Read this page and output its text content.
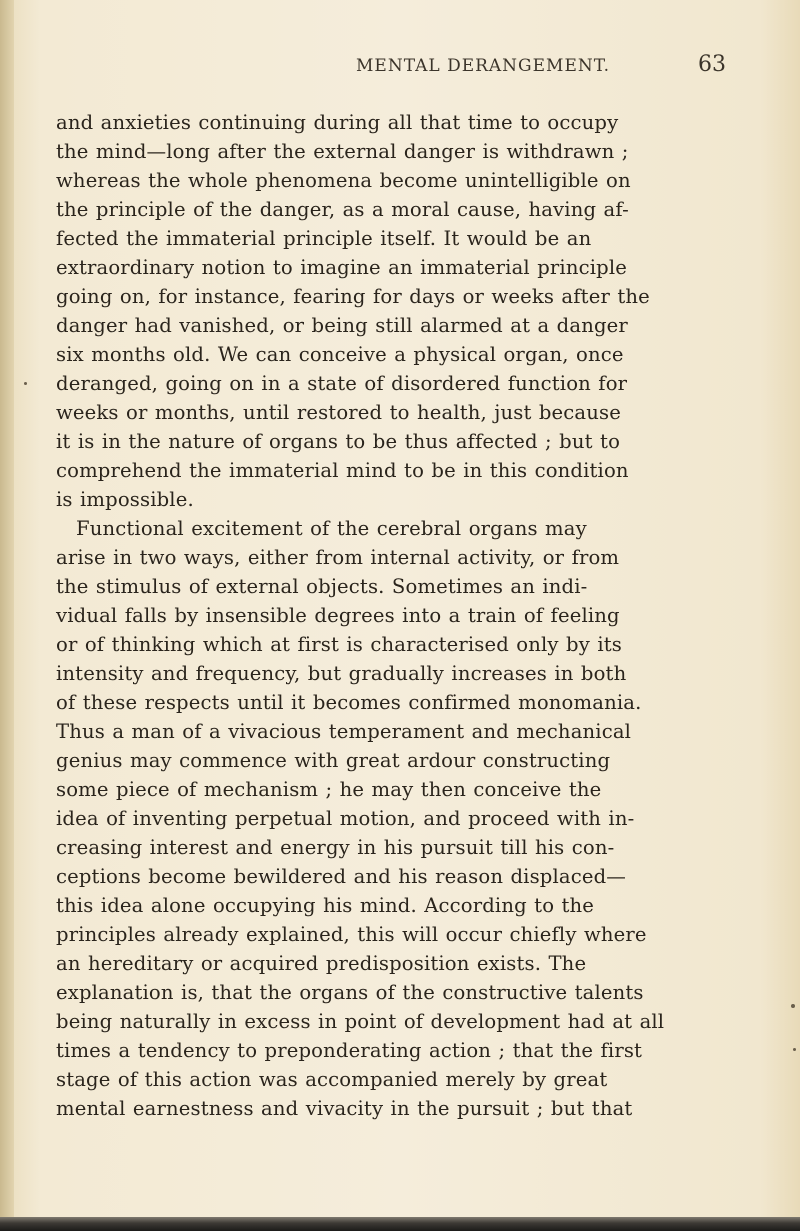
MENTAL DERANGEMENT.	63
and anxieties continuing during all that time to occupy
the mind—long after the external danger is withdrawn ;
whereas the whole phenomena become unintelligible on
the principle of the danger, as a moral cause, having af-
fected the immaterial principle itself. It would be an
extraordinary notion to imagine an immaterial principle
going on, for instance, fearing for days or weeks after the
danger had vanished, or being still alarmed at a danger
six months old. We can conceive a physical organ, once
deranged, going on in a state of disordered function for
weeks or months, until restored to health, just because
it is in the nature of organs to be thus affected ; but to
comprehend the immaterial mind to be in this condition
is impossible.
Functional excitement of the cerebral organs may
arise in two ways, either from internal activity, or from
the stimulus of external objects. Sometimes an indi-
vidual falls by insensible degrees into a train of feeling
or of thinking which at first is characterised only by its
intensity and frequency, but gradually increases in both
of these respects until it becomes confirmed monomania.
Thus a man of a vivacious temperament and mechanical
genius may commence with great ardour constructing
some piece of mechanism ; he may then conceive the
idea of inventing perpetual motion, and proceed with in-
creasing interest and energy in his pursuit till his con-
ceptions become bewildered and his reason displaced—
this idea alone occupying his mind. According to the
principles already explained, this will occur chiefly where
an hereditary or acquired predisposition exists. The
explanation is, that the organs of the constructive talents
being naturally in excess in point of development had at all
times a tendency to preponderating action ; that the first
stage of this action was accompanied merely by great
mental earnestness and vivacity in the pursuit ; but that
